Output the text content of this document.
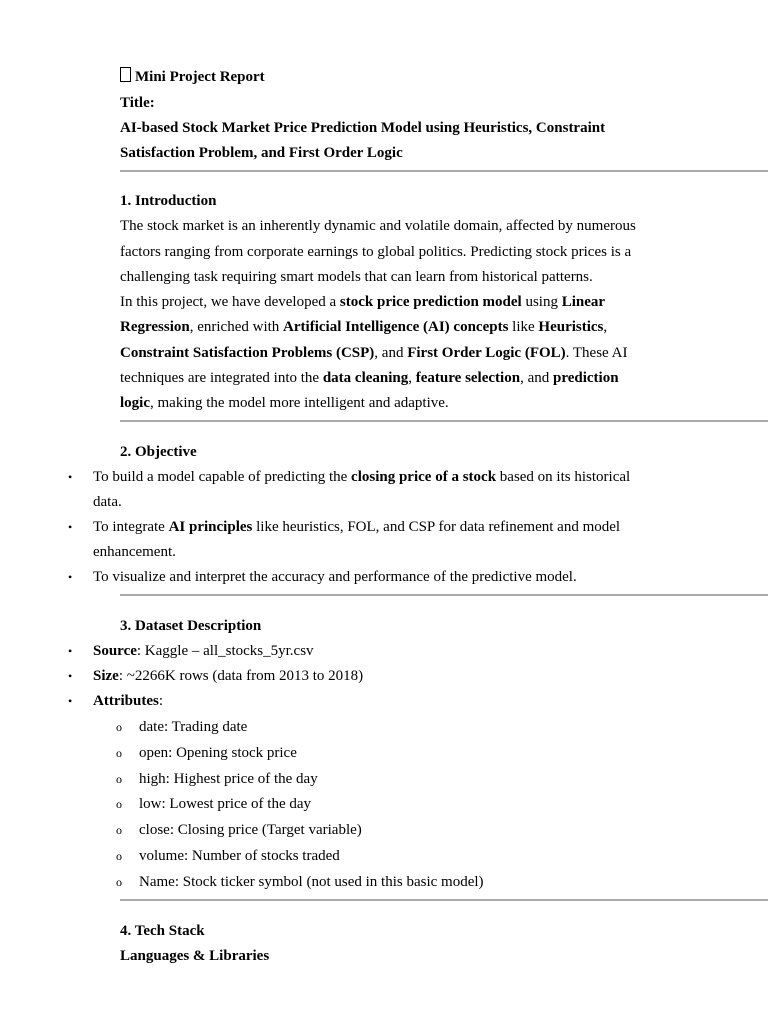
Mini Project Report
Title:
AI-based Stock Market Price Prediction Model using Heuristics, Constraint
Satisfaction Problem, and First Order Logic
1. Introduction
The stock market is an inherently dynamic and volatile domain, affected by numerous
factors ranging from corporate earnings to global politics. Predicting stock prices is a
challenging task requiring smart models that can learn from historical patterns.
In this project, we have developed a stock price prediction model using Linear
Regression, enriched with Artificial Intelligence (AI) concepts like Heuristics,
Constraint Satisfaction Problems (CSP), and First Order Logic (FOL). These AI
techniques are integrated into the data cleaning, feature selection, and prediction
logic, making the model more intelligent and adaptive.
2. Objective
• To build a model capable of predicting the closing price of a stock based on its historical
data.
• To integrate AI principles like heuristics, FOL, and CSP for data refinement and model
enhancement.
• To visualize and interpret the accuracy and performance of the predictive model.
3. Dataset Description
• Source: Kaggle – all_stocks_5yr.csv
• Size: ~2266K rows (data from 2013 to 2018)
• Attributes:
o date: Trading date
o open: Opening stock price
o high: Highest price of the day
o low: Lowest price of the day
o close: Closing price (Target variable)
o volume: Number of stocks traded
o Name: Stock ticker symbol (not used in this basic model)
4. Tech Stack
Languages & Libraries
